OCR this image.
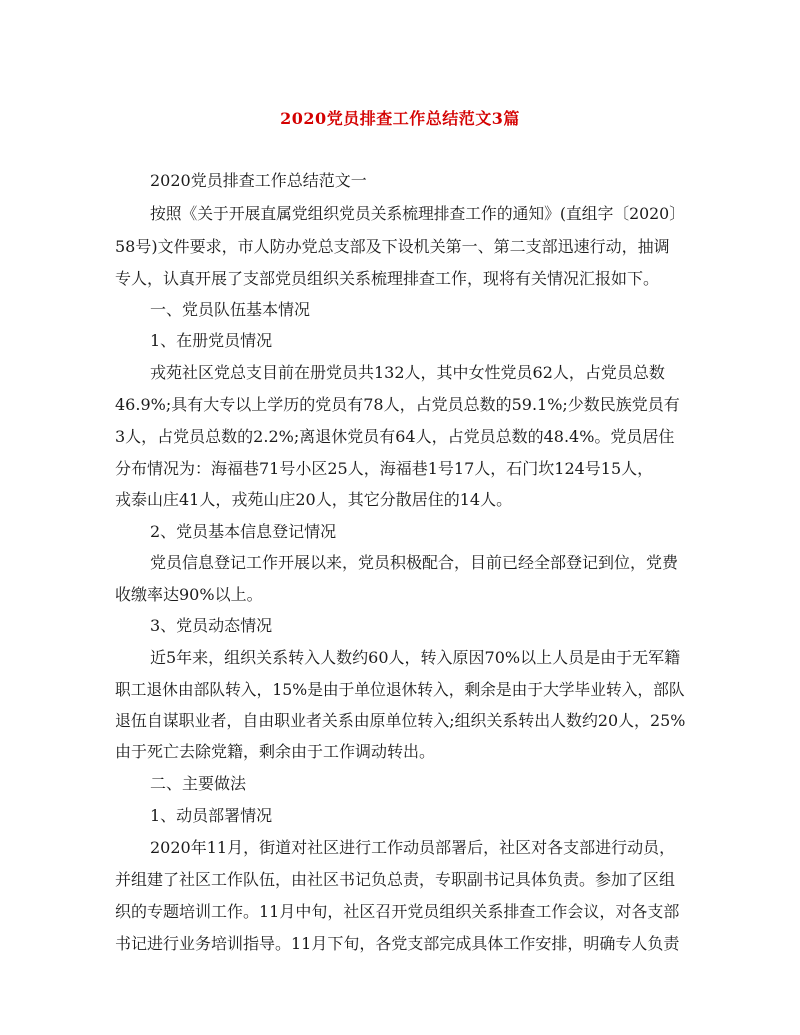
2020党员排查工作总结范文3篇
2020党员排查工作总结范文一
按照《关于开展直属党组织党员关系梳理排查工作的通知》(直组字〔2020〕
58号)文件要求，市人防办党总支部及下设机关第一、第二支部迅速行动，抽调
专人，认真开展了支部党员组织关系梳理排查工作，现将有关情况汇报如下。
一、党员队伍基本情况
1、在册党员情况
戎苑社区党总支目前在册党员共132人，其中女性党员62人，占党员总数
46.9%;具有大专以上学历的党员有78人，占党员总数的59.1%;少数民族党员有
3人，占党员总数的2.2%;离退休党员有64人，占党员总数的48.4%。党员居住
分布情况为：海福巷71号小区25人，海福巷1号17人，石门坎124号15人，
戎泰山庄41人，戎苑山庄20人，其它分散居住的14人。
2、党员基本信息登记情况
党员信息登记工作开展以来，党员积极配合，目前已经全部登记到位，党费
收缴率达90%以上。
3、党员动态情况
近5年来，组织关系转入人数约60人，转入原因70%以上人员是由于无军籍
职工退休由部队转入，15%是由于单位退休转入，剩余是由于大学毕业转入，部队
退伍自谋职业者，自由职业者关系由原单位转入;组织关系转出人数约20人，25%
由于死亡去除党籍，剩余由于工作调动转出。
二、主要做法
1、动员部署情况
2020年11月，街道对社区进行工作动员部署后，社区对各支部进行动员，
并组建了社区工作队伍，由社区书记负总责，专职副书记具体负责。参加了区组
织的专题培训工作。11月中旬，社区召开党员组织关系排查工作会议，对各支部
书记进行业务培训指导。11月下旬，各党支部完成具体工作安排，明确专人负责
